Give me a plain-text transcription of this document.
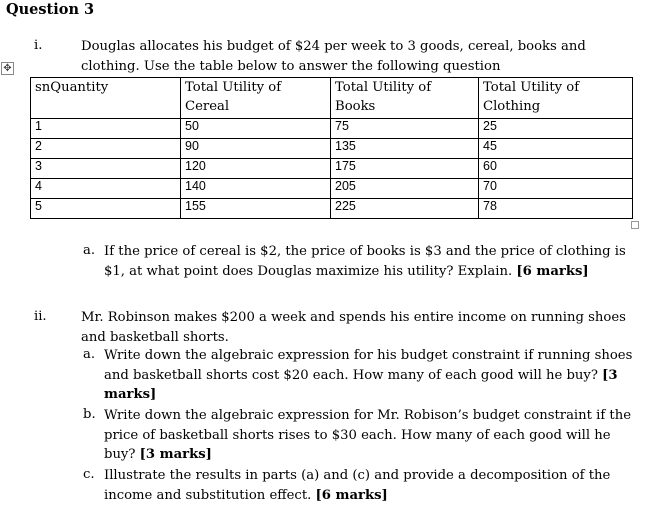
Question 3
i.	Douglas allocates his budget of $24 per week to 3 goods, cereal, books and clothing. Use the table below to answer the following question
✥
snQuantity	Total Utility of Cereal	Total Utility of Books	Total Utility of Clothing
1	50	75	25
2	90	135	45
3	120	175	60
4	140	205	70
5	155	225	78
a. If the price of cereal is $2, the price of books is $3 and the price of clothing is $1, at what point does Douglas maximize his utility? Explain. [6 marks]
ii.	Mr. Robinson makes $200 a week and spends his entire income on running shoes and basketball shorts.
a. Write down the algebraic expression for his budget constraint if running shoes and basketball shorts cost $20 each. How many of each good will he buy? [3 marks]
b. Write down the algebraic expression for Mr. Robison’s budget constraint if the price of basketball shorts rises to $30 each. How many of each good will he buy? [3 marks]
c. Illustrate the results in parts (a) and (c) and provide a decomposition of the income and substitution effect. [6 marks]
